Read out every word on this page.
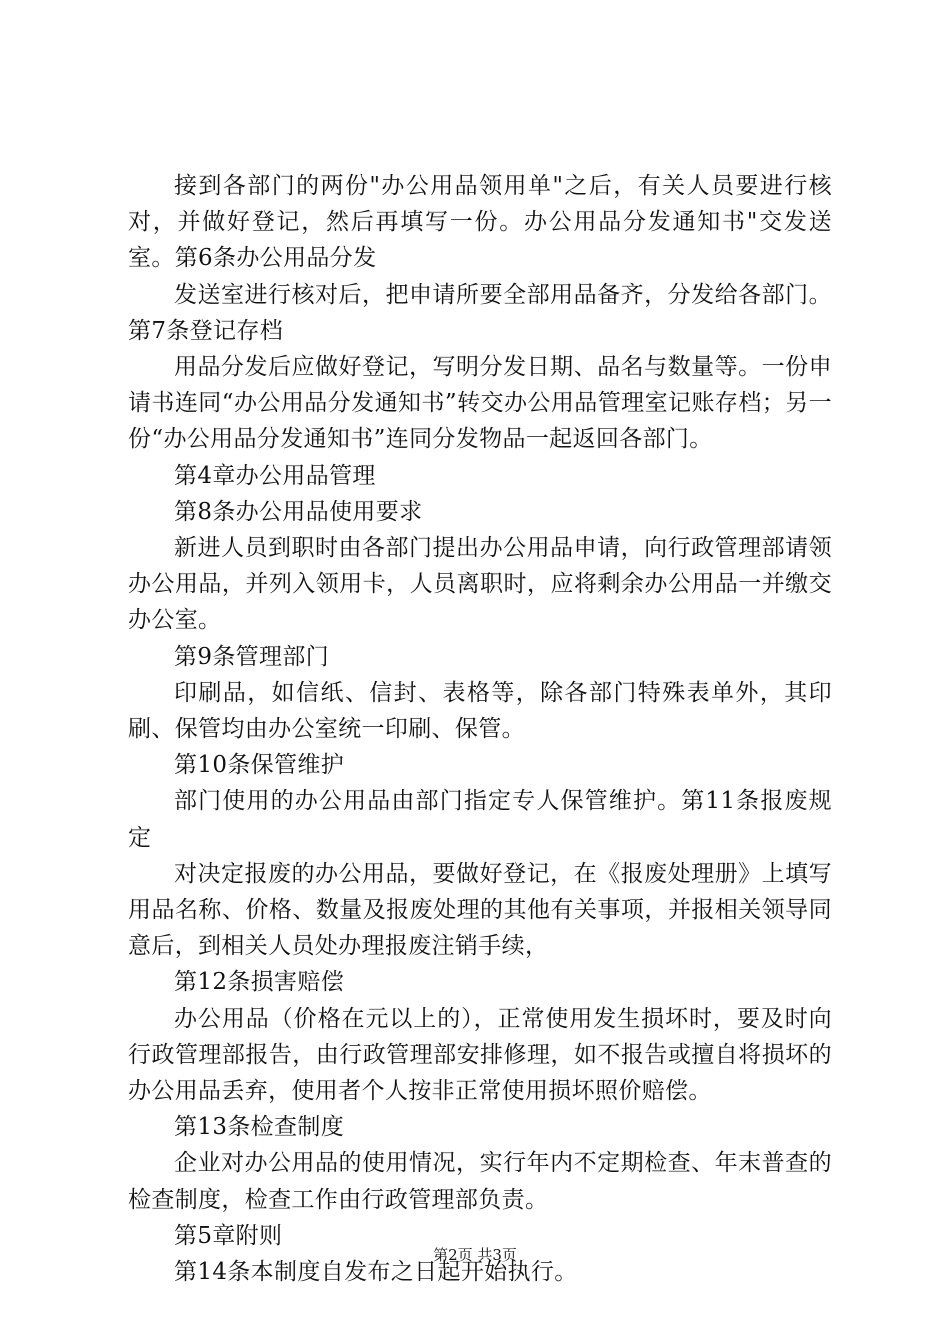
接到各部门的两份"办公用品领用单"之后，有关人员要进行核对，并做好登记，然后再填写一份。办公用品分发通知书"交发送室。第6条办公用品分发

发送室进行核对后，把申请所要全部用品备齐，分发给各部门。第7条登记存档

用品分发后应做好登记，写明分发日期、品名与数量等。一份申请书连同“办公用品分发通知书”转交办公用品管理室记账存档；另一份“办公用品分发通知书”连同分发物品一起返回各部门。

第4章办公用品管理

第8条办公用品使用要求

新进人员到职时由各部门提出办公用品申请，向行政管理部请领办公用品，并列入领用卡，人员离职时，应将剩余办公用品一并缴交办公室。

第9条管理部门

印刷品，如信纸、信封、表格等，除各部门特殊表单外，其印刷、保管均由办公室统一印刷、保管。

第10条保管维护

部门使用的办公用品由部门指定专人保管维护。第11条报废规定

对决定报废的办公用品，要做好登记，在《报废处理册》上填写用品名称、价格、数量及报废处理的其他有关事项，并报相关领导同意后，到相关人员处办理报废注销手续，

第12条损害赔偿

办公用品（价格在元以上的），正常使用发生损坏时，要及时向行政管理部报告，由行政管理部安排修理，如不报告或擅自将损坏的办公用品丢弃，使用者个人按非正常使用损坏照价赔偿。

第13条检查制度

企业对办公用品的使用情况，实行年内不定期检查、年末普查的检查制度，检查工作由行政管理部负责。

第5章附则

第14条本制度自发布之日起开始执行。

第2页 共3页
